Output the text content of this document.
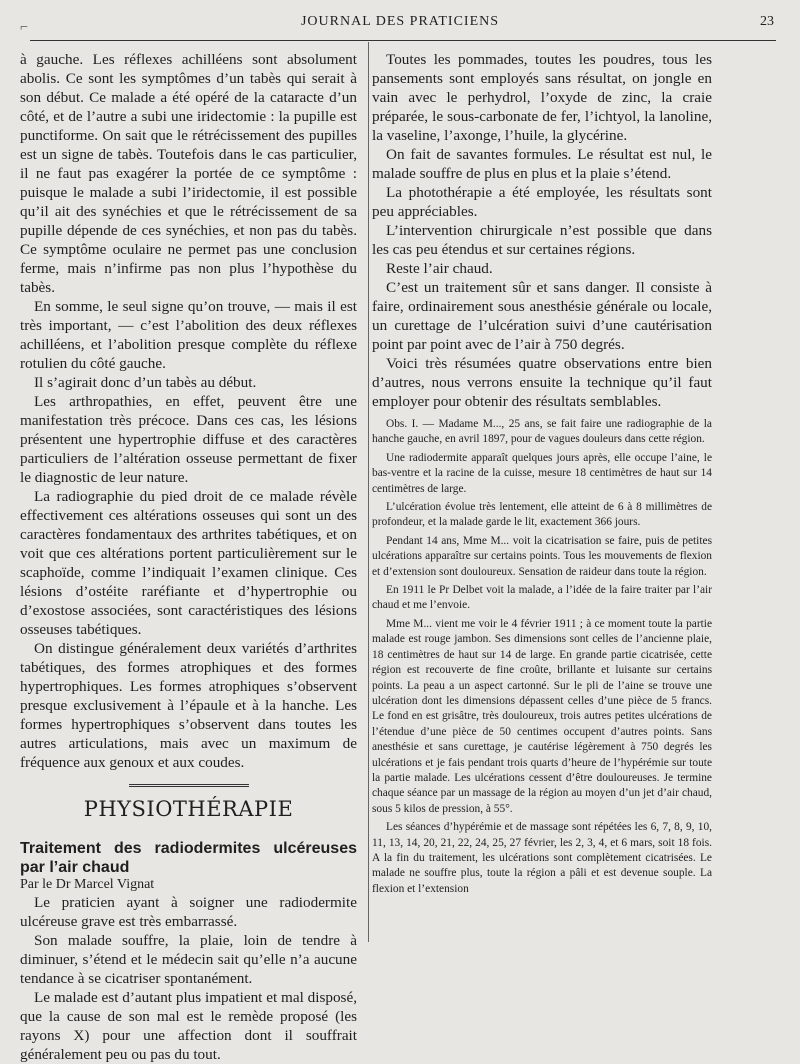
⌐	JOURNAL DES PRATICIENS	23

à gauche. Les réflexes achilléens sont absolument abolis. Ce sont les symptômes d’un tabès qui serait à son début. Ce malade a été opéré de la cataracte d’un côté, et de l’autre a subi une iridectomie : la pupille est punctiforme. On sait que le rétrécissement des pupilles est un signe de tabès. Toutefois dans le cas particulier, il ne faut pas exagérer la portée de ce symptôme : puisque le malade a subi l’iridectomie, il est possible qu’il ait des synéchies et que le rétrécissement de sa pupille dépende de ces synéchies, et non pas du tabès. Ce symptôme oculaire ne permet pas une conclusion ferme, mais n’infirme pas non plus l’hypothèse du tabès.

En somme, le seul signe qu’on trouve, — mais il est très important, — c’est l’abolition des deux réflexes achilléens, et l’abolition presque complète du réflexe rotulien du côté gauche.

Il s’agirait donc d’un tabès au début.

Les arthropathies, en effet, peuvent être une manifestation très précoce. Dans ces cas, les lésions présentent une hypertrophie diffuse et des caractères particuliers de l’altération osseuse permettant de fixer le diagnostic de leur nature.

La radiographie du pied droit de ce malade révèle effectivement ces altérations osseuses qui sont un des caractères fondamentaux des arthrites tabétiques, et on voit que ces altérations portent particulièrement sur le scaphoïde, comme l’indiquait l’examen clinique. Ces lésions d’ostéite raréfiante et d’hypertrophie ou d’exostose associées, sont caractéristiques des lésions osseuses tabétiques.

On distingue généralement deux variétés d’arthrites tabétiques, des formes atrophiques et des formes hypertrophiques. Les formes atrophiques s’observent presque exclusivement à l’épaule et à la hanche. Les formes hypertrophiques s’observent dans toutes les autres articulations, mais avec un maximum de fréquence aux genoux et aux coudes.

PHYSIOTHÉRAPIE

Traitement des radiodermites ulcéreuses par l’air chaud

Par le Dr Marcel Vignat

Le praticien ayant à soigner une radiodermite ulcéreuse grave est très embarrassé.

Son malade souffre, la plaie, loin de tendre à diminuer, s’étend et le médecin sait qu’elle n’a aucune tendance à se cicatriser spontanément.

Le malade est d’autant plus impatient et mal disposé, que la cause de son mal est le remède proposé (les rayons X) pour une affection dont il souffrait généralement peu ou pas du tout.

Toutes les pommades, toutes les poudres, tous les pansements sont employés sans résultat, on jongle en vain avec le perhydrol, l’oxyde de zinc, la craie préparée, le sous-carbonate de fer, l’ichtyol, la lanoline, la vaseline, l’axonge, l’huile, la glycérine.

On fait de savantes formules. Le résultat est nul, le malade souffre de plus en plus et la plaie s’étend.

La photothérapie a été employée, les résultats sont peu appréciables.

L’intervention chirurgicale n’est possible que dans les cas peu étendus et sur certaines régions.

Reste l’air chaud.

C’est un traitement sûr et sans danger. Il consiste à faire, ordinairement sous anesthésie générale ou locale, un curettage de l’ulcération suivi d’une cautérisation point par point avec de l’air à 750 degrés.

Voici très résumées quatre observations entre bien d’autres, nous verrons ensuite la technique qu’il faut employer pour obtenir des résultats semblables.

Obs. I. — Madame M..., 25 ans, se fait faire une radiographie de la hanche gauche, en avril 1897, pour de vagues douleurs dans cette région.

Une radiodermite apparaît quelques jours après, elle occupe l’aine, le bas-ventre et la racine de la cuisse, mesure 18 centimètres de haut sur 14 centimètres de large.

L’ulcération évolue très lentement, elle atteint de 6 à 8 millimètres de profondeur, et la malade garde le lit, exactement 366 jours.

Pendant 14 ans, Mme M... voit la cicatrisation se faire, puis de petites ulcérations apparaître sur certains points. Tous les mouvements de flexion et d’extension sont douloureux. Sensation de raideur dans toute la région.

En 1911 le Pr Delbet voit la malade, a l’idée de la faire traiter par l’air chaud et me l’envoie.

Mme M... vient me voir le 4 février 1911 ; à ce moment toute la partie malade est rouge jambon. Ses dimensions sont celles de l’ancienne plaie, 18 centimètres de haut sur 14 de large. En grande partie cicatrisée, cette région est recouverte de fine croûte, brillante et luisante sur certains points. La peau a un aspect cartonné. Sur le pli de l’aine se trouve une ulcération dont les dimensions dépassent celles d’une pièce de 5 francs. Le fond en est grisâtre, très douloureux, trois autres petites ulcérations de l’étendue d’une pièce de 50 centimes occupent d’autres points. Sans anesthésie et sans curettage, je cautérise légèrement à 750 degrés les ulcérations et je fais pendant trois quarts d’heure de l’hypérémie sur toute la partie malade. Les ulcérations cessent d’être douloureuses. Je termine chaque séance par un massage de la région au moyen d’un jet d’air chaud, sous 5 kilos de pression, à 55°.

Les séances d’hypérémie et de massage sont répétées les 6, 7, 8, 9, 10, 11, 13, 14, 20, 21, 22, 24, 25, 27 février, les 2, 3, 4, et 6 mars, soit 18 fois. A la fin du traitement, les ulcérations sont complètement cicatrisées. Le malade ne souffre plus, toute la région a pâli et est devenue souple. La flexion et l’extension
